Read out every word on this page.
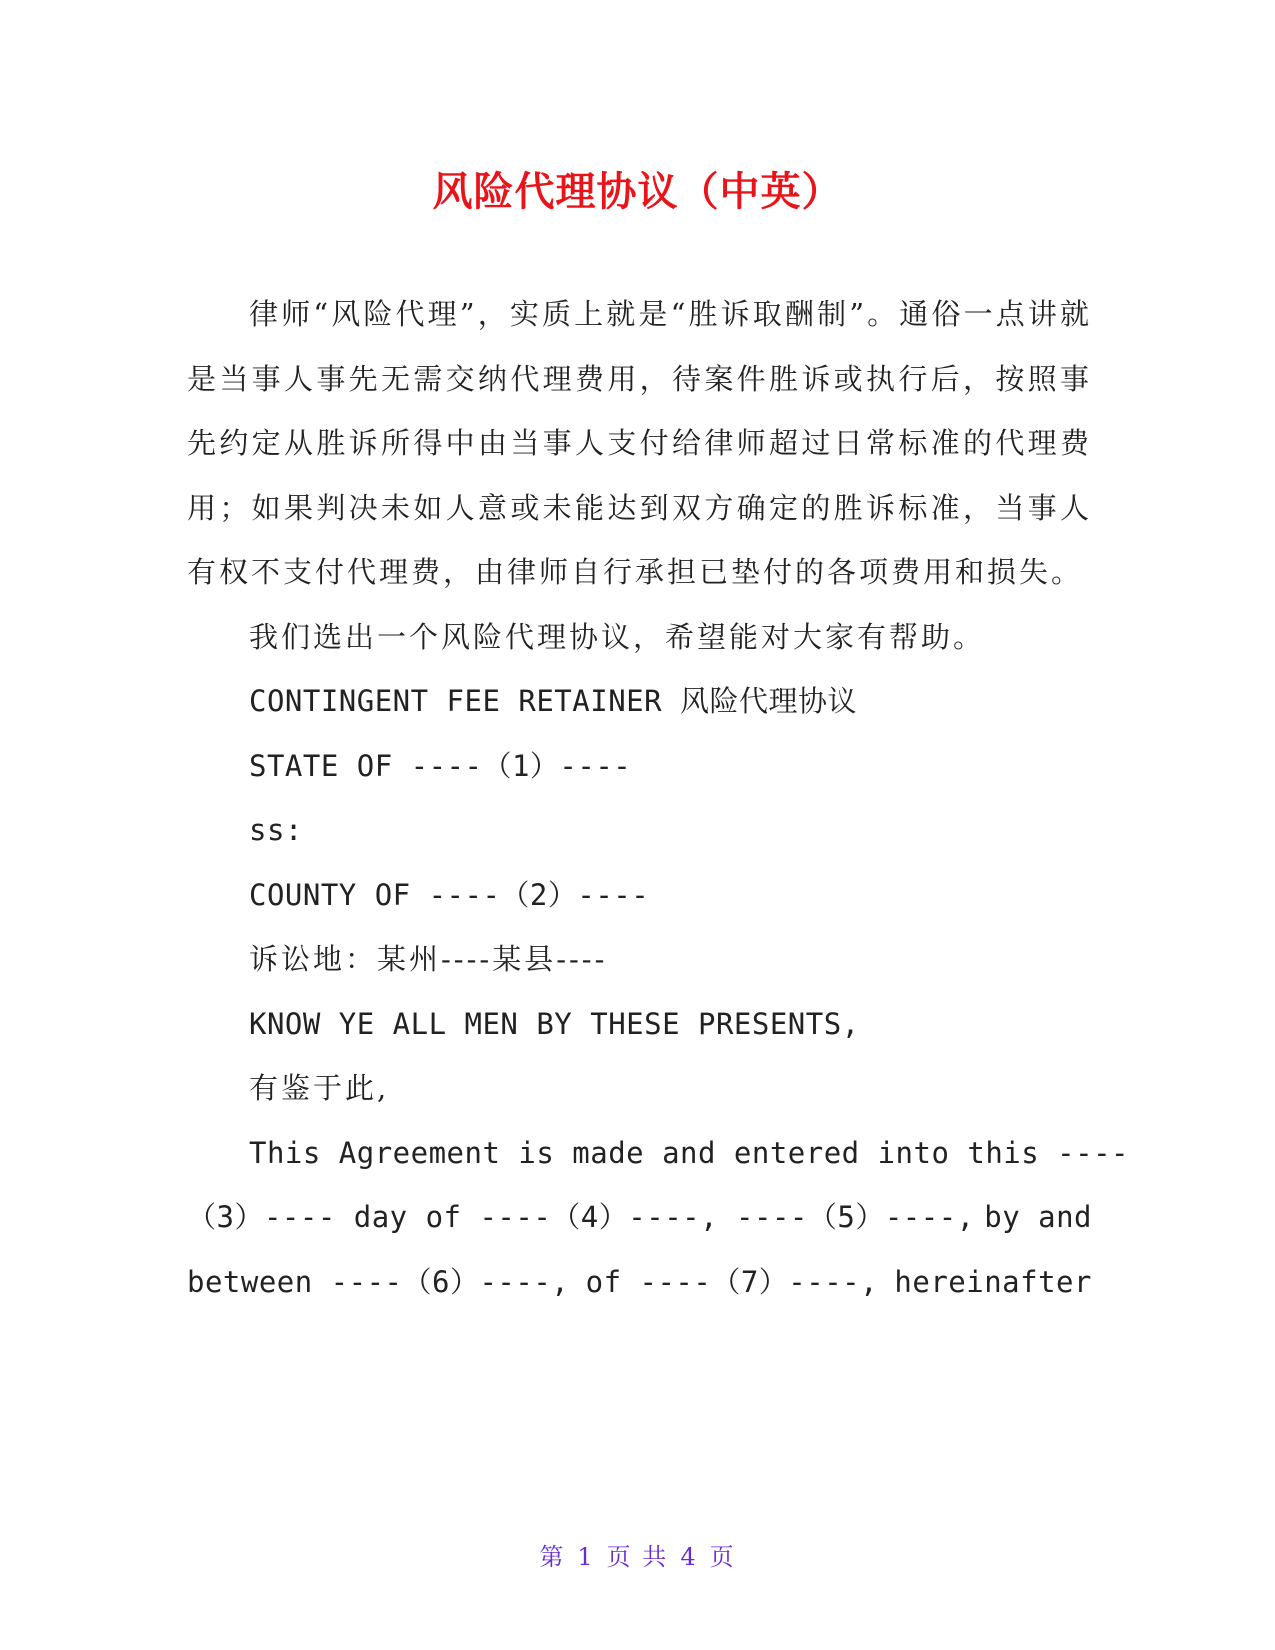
风险代理协议（中英）

律师“风险代理”，实质上就是“胜诉取酬制”。通俗一点讲就是当事人事先无需交纳代理费用，待案件胜诉或执行后，按照事先约定从胜诉所得中由当事人支付给律师超过日常标准的代理费用；如果判决未如人意或未能达到双方确定的胜诉标准，当事人有权不支付代理费，由律师自行承担已垫付的各项费用和损失。

我们选出一个风险代理协议，希望能对大家有帮助。

CONTINGENT FEE RETAINER 风险代理协议
STATE OF ----（1）----
ss:
COUNTY OF ----（2）----
诉讼地：某州----某县----
KNOW YE ALL MEN BY THESE PRESENTS,
有鉴于此,
This Agreement is made and entered into this ----
（3）---- day of ----（4）----, ----（5）----, by and
between ----（6）----, of ----（7）----, hereinafter
第 1 页 共 4 页
